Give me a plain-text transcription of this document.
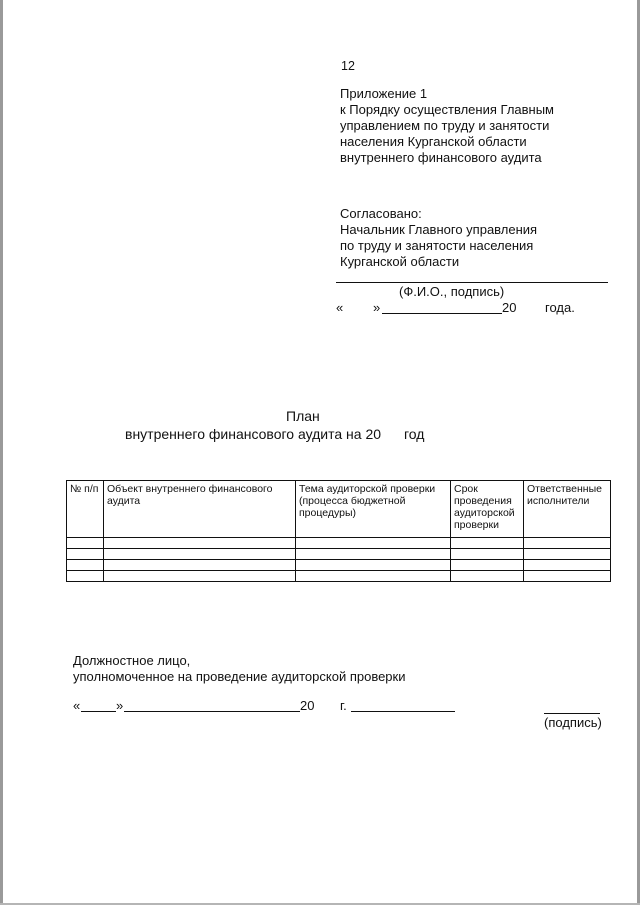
12
Приложение 1
к Порядку осуществления Главным
управлением по труду и занятости
населения Курганской области
внутреннего финансового аудита
Согласовано:
Начальник Главного управления
по труду и занятости населения
Курганской области
(Ф.И.О., подпись)
« »	20 года.
План
внутреннего финансового аудита на 20 год
№ п/п	Объект внутреннего финансового аудита	Тема аудиторской проверки (процесса бюджетной процедуры)	Срок проведения аудиторской проверки	Ответственные исполнители

Должностное лицо,
уполномоченное на проведение аудиторской проверки
«	»	20 г.
(подпись)
